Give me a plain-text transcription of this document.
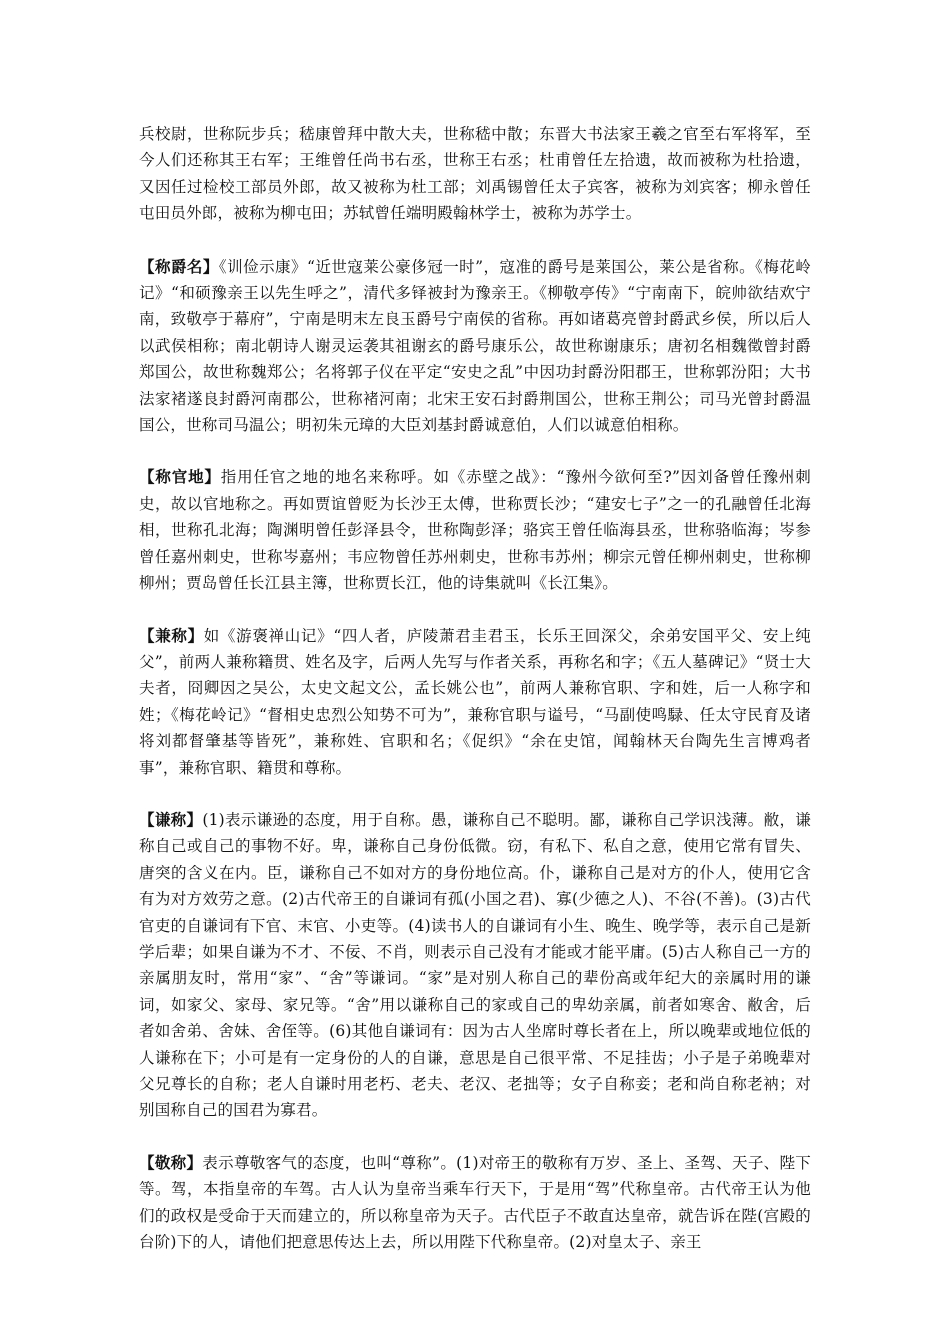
兵校尉，世称阮步兵；嵇康曾拜中散大夫，世称嵇中散；东晋大书法家王羲之官至右军将军，至今人们还称其王右军；王维曾任尚书右丞，世称王右丞；杜甫曾任左拾遗，故而被称为杜拾遗，又因任过检校工部员外郎，故又被称为杜工部；刘禹锡曾任太子宾客，被称为刘宾客；柳永曾任屯田员外郎，被称为柳屯田；苏轼曾任端明殿翰林学士，被称为苏学士。

【称爵名】《训俭示康》“近世寇莱公豪侈冠一时”，寇准的爵号是莱国公，莱公是省称。《梅花岭记》“和硕豫亲王以先生呼之”，清代多铎被封为豫亲王。《柳敬亭传》“宁南南下，皖帅欲结欢宁南，致敬亭于幕府”，宁南是明末左良玉爵号宁南侯的省称。再如诸葛亮曾封爵武乡侯，所以后人以武侯相称；南北朝诗人谢灵运袭其祖谢玄的爵号康乐公，故世称谢康乐；唐初名相魏徵曾封爵郑国公，故世称魏郑公；名将郭子仪在平定“安史之乱”中因功封爵汾阳郡王，世称郭汾阳；大书法家褚遂良封爵河南郡公，世称褚河南；北宋王安石封爵荆国公，世称王荆公；司马光曾封爵温国公，世称司马温公；明初朱元璋的大臣刘基封爵诚意伯，人们以诚意伯相称。

【称官地】指用任官之地的地名来称呼。如《赤壁之战》：“豫州今欲何至?”因刘备曾任豫州刺史，故以官地称之。再如贾谊曾贬为长沙王太傅，世称贾长沙；“建安七子”之一的孔融曾任北海相，世称孔北海；陶渊明曾任彭泽县令，世称陶彭泽；骆宾王曾任临海县丞，世称骆临海；岑参曾任嘉州刺史，世称岑嘉州；韦应物曾任苏州刺史，世称韦苏州；柳宗元曾任柳州刺史，世称柳柳州；贾岛曾任长江县主簿，世称贾长江，他的诗集就叫《长江集》。

【兼称】如《游褒禅山记》“四人者，庐陵萧君圭君玉，长乐王回深父，余弟安国平父、安上纯父”，前两人兼称籍贯、姓名及字，后两人先写与作者关系，再称名和字；《五人墓碑记》“贤士大夫者，冏卿因之吴公，太史文起文公，孟长姚公也”，前两人兼称官职、字和姓，后一人称字和姓；《梅花岭记》“督相史忠烈公知势不可为”，兼称官职与谥号，“马副使鸣騄、任太守民育及诸将刘都督肇基等皆死”，兼称姓、官职和名；《促织》“余在史馆，闻翰林天台陶先生言博鸡者事”，兼称官职、籍贯和尊称。

【谦称】(1)表示谦逊的态度，用于自称。愚，谦称自己不聪明。鄙，谦称自己学识浅薄。敝，谦称自己或自己的事物不好。卑，谦称自己身份低微。窃，有私下、私自之意，使用它常有冒失、唐突的含义在内。臣，谦称自己不如对方的身份地位高。仆，谦称自己是对方的仆人，使用它含有为对方效劳之意。(2)古代帝王的自谦词有孤(小国之君)、寡(少德之人)、不谷(不善)。(3)古代官吏的自谦词有下官、末官、小吏等。(4)读书人的自谦词有小生、晚生、晚学等，表示自己是新学后辈；如果自谦为不才、不佞、不肖，则表示自己没有才能或才能平庸。(5)古人称自己一方的亲属朋友时，常用“家”、“舍”等谦词。“家”是对别人称自己的辈份高或年纪大的亲属时用的谦词，如家父、家母、家兄等。“舍”用以谦称自己的家或自己的卑幼亲属，前者如寒舍、敝舍，后者如舍弟、舍妹、舍侄等。(6)其他自谦词有：因为古人坐席时尊长者在上，所以晚辈或地位低的人谦称在下；小可是有一定身份的人的自谦，意思是自己很平常、不足挂齿；小子是子弟晚辈对父兄尊长的自称；老人自谦时用老朽、老夫、老汉、老拙等；女子自称妾；老和尚自称老衲；对别国称自己的国君为寡君。

【敬称】表示尊敬客气的态度，也叫“尊称”。(1)对帝王的敬称有万岁、圣上、圣驾、天子、陛下等。驾，本指皇帝的车驾。古人认为皇帝当乘车行天下，于是用“驾”代称皇帝。古代帝王认为他们的政权是受命于天而建立的，所以称皇帝为天子。古代臣子不敢直达皇帝，就告诉在陛(宫殿的台阶)下的人，请他们把意思传达上去，所以用陛下代称皇帝。(2)对皇太子、亲王
